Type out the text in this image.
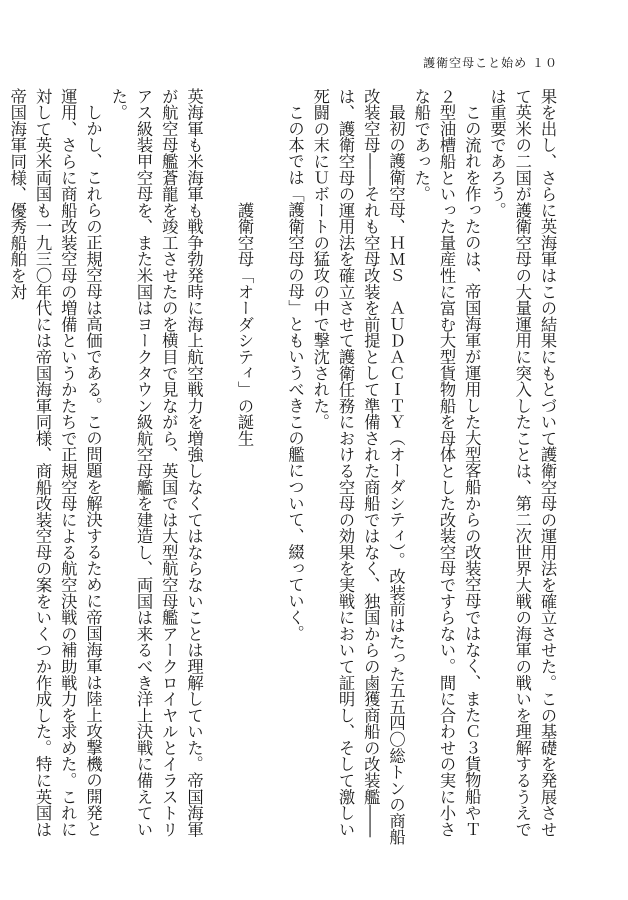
護衛空母こと始め １０

果を出し、さらに英海軍はこの結果にもとづいて護衛空母の運用法を確立させた。この基礎を発展させて英米の二国が護衛空母の大量運用に突入したことは、第二次世界大戦の海軍の戦いを理解するうえでは重要であろう。

この流れを作ったのは、帝国海軍が運用した大型客船からの改装空母ではなく、またＣ３貨物船やＴ２型油槽船といった量産性に富む大型貨物船を母体とした改装空母ですらない。間に合わせの実に小さな船であった。

最初の護衛空母、ＨＭＳ　ＡＵＤＡＣＩＴＹ（オーダシティ）。改装前はたった五五四〇総トンの商船改装空母――それも空母改装を前提として準備された商船ではなく、独国からの鹵獲商船の改装艦――は、護衛空母の運用法を確立させて護衛任務における空母の効果を実戦において証明し、そして激しい死闘の末にＵボートの猛攻の中で撃沈された。

この本では「護衛空母の母」ともいうべきこの艦について、綴っていく。

護衛空母「オーダシティ」の誕生

英海軍も米海軍も戦争勃発時に海上航空戦力を増強しなくてはならないことは理解していた。帝国海軍が航空母艦蒼龍を竣工させたのを横目で見ながら、英国では大型航空母艦アークロイヤルとイラストリアス級装甲空母を、また米国はヨークタウン級航空母艦を建造し、両国は来るべき洋上決戦に備えていた。

しかし、これらの正規空母は高価である。この問題を解決するために帝国海軍は陸上攻撃機の開発と運用、さらに商船改装空母の増備というかたちで正規空母による航空決戦の補助戦力を求めた。これに対して英米両国も一九三〇年代には帝国海軍同様、商船改装空母の案をいくつか作成した。特に英国は帝国海軍同様、優秀船舶を対
